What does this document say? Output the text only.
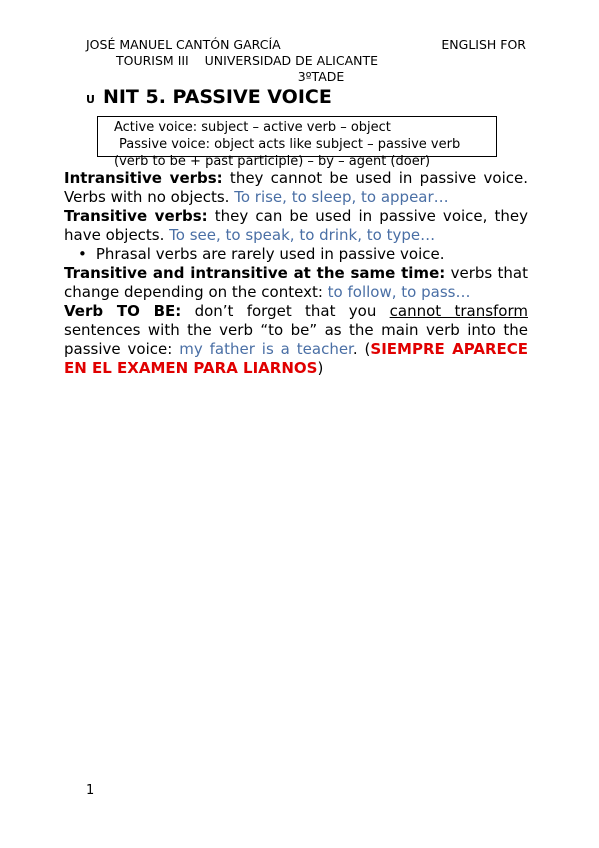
JOSÉ MANUEL CANTÓN GARCÍA	ENGLISH FOR
TOURISM III    UNIVERSIDAD DE ALICANTE
3ºTADE
U NIT 5. PASSIVE VOICE
Active voice: subject – active verb – object
Passive voice: object acts like subject – passive verb
(verb to be + past participle) – by – agent (doer)

Intransitive verbs: they cannot be used in passive voice. Verbs with no objects. To rise, to sleep, to appear…

Transitive verbs: they can be used in passive voice, they have objects. To see, to speak, to drink, to type…

• Phrasal verbs are rarely used in passive voice.

Transitive and intransitive at the same time: verbs that change depending on the context: to follow, to pass…

Verb TO BE: don’t forget that you cannot transform sentences with the verb “to be” as the main verb into the passive voice: my father is a teacher. (SIEMPRE APARECE EN EL EXAMEN PARA LIARNOS)

1
